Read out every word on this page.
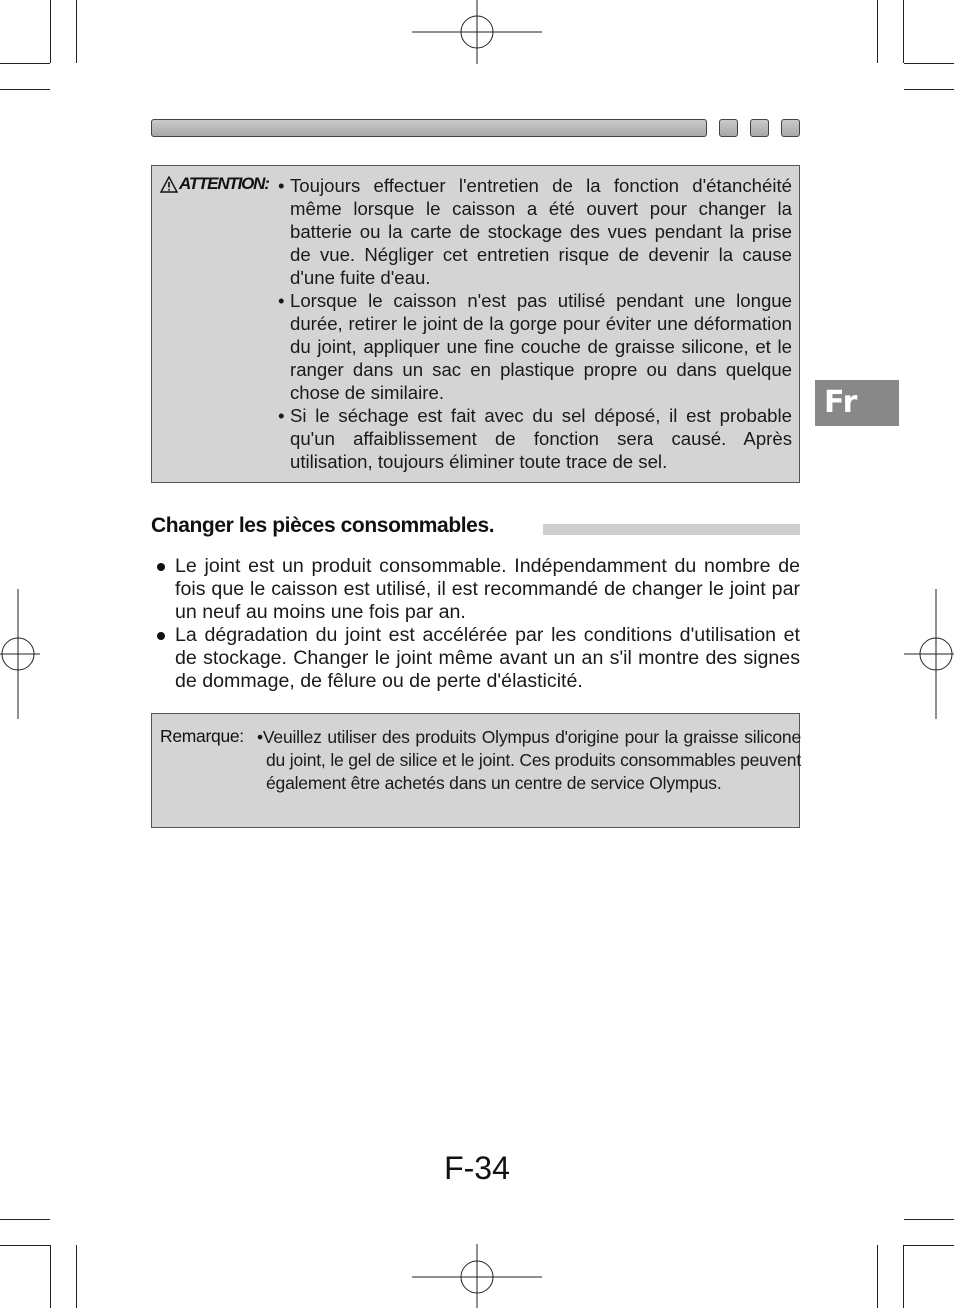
ATTENTION: • Toujours effectuer l'entretien de la fonction d'étanchéité même lorsque le caisson a été ouvert pour changer la batterie ou la carte de stockage des vues pendant la prise de vue. Négliger cet entretien risque de devenir la cause d'une fuite d'eau.
• Lorsque le caisson n'est pas utilisé pendant une longue durée, retirer le joint de la gorge pour éviter une déformation du joint, appliquer une fine couche de graisse silicone, et le ranger dans un sac en plastique propre ou dans quelque chose de similaire.
• Si le séchage est fait avec du sel déposé, il est probable qu'un affaiblissement de fonction sera causé. Après utilisation, toujours éliminer toute trace de sel.
Fr
Changer les pièces consommables.
Le joint est un produit consommable. Indépendamment du nombre de fois que le caisson est utilisé, il est recommandé de changer le joint par un neuf au moins une fois par an.
La dégradation du joint est accélérée par les conditions d'utilisation et de stockage. Changer le joint même avant un an s'il montre des signes de dommage, de fêlure ou de perte d'élasticité.
Remarque: •Veuillez utiliser des produits Olympus d'origine pour la graisse silicone du joint, le gel de silice et le joint. Ces produits consommables peuvent également être achetés dans un centre de service Olympus.
F-34
